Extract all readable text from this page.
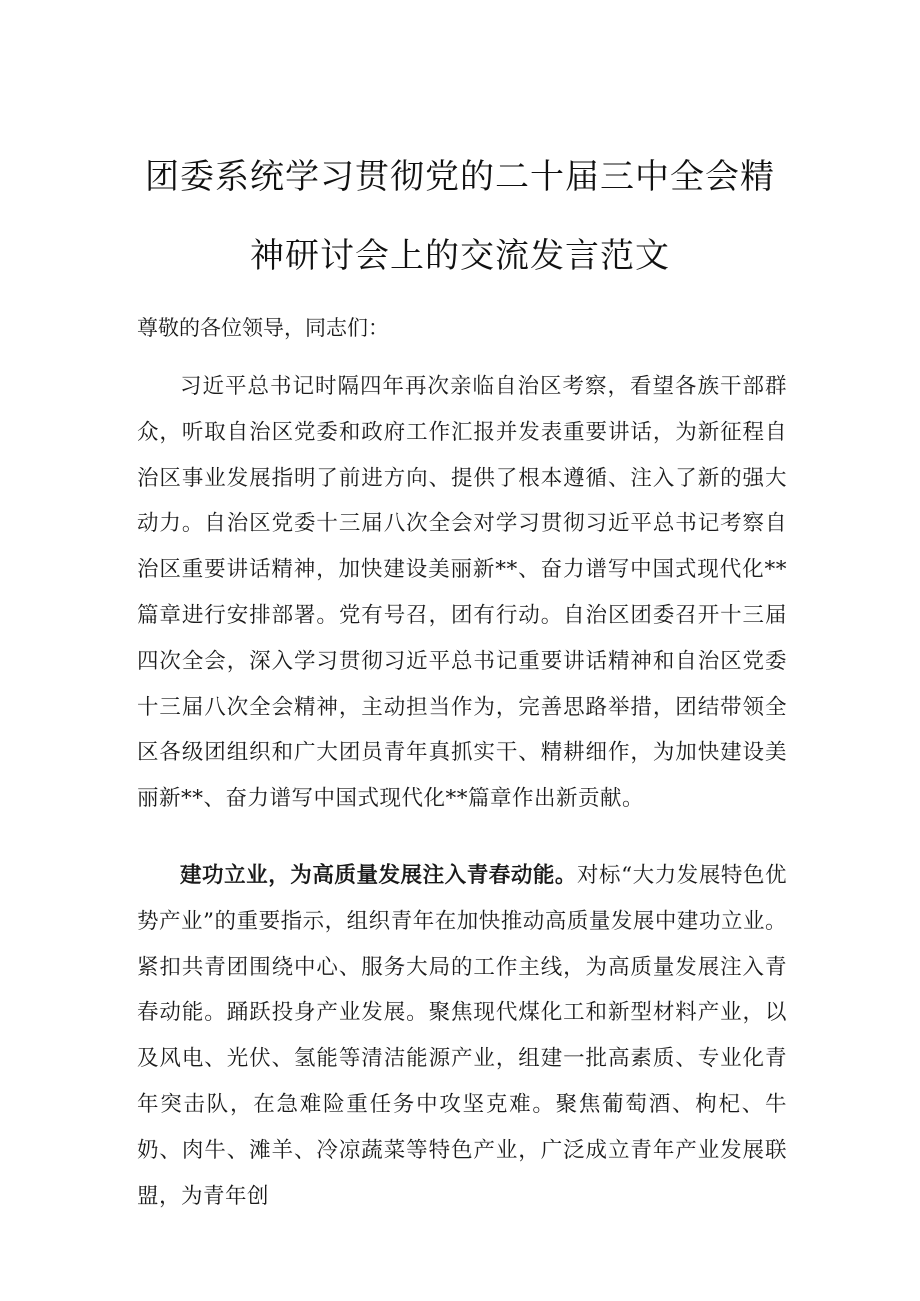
团委系统学习贯彻党的二十届三中全会精
神研讨会上的交流发言范文
尊敬的各位领导，同志们：
习近平总书记时隔四年再次亲临自治区考察，看望各族干部群众，听取自治区党委和政府工作汇报并发表重要讲话，为新征程自治区事业发展指明了前进方向、提供了根本遵循、注入了新的强大动力。自治区党委十三届八次全会对学习贯彻习近平总书记考察自治区重要讲话精神，加快建设美丽新**、奋力谱写中国式现代化**篇章进行安排部署。党有号召，团有行动。自治区团委召开十三届四次全会，深入学习贯彻习近平总书记重要讲话精神和自治区党委十三届八次全会精神，主动担当作为，完善思路举措，团结带领全区各级团组织和广大团员青年真抓实干、精耕细作，为加快建设美丽新**、奋力谱写中国式现代化**篇章作出新贡献。
建功立业，为高质量发展注入青春动能。对标“大力发展特色优势产业”的重要指示，组织青年在加快推动高质量发展中建功立业。紧扣共青团围绕中心、服务大局的工作主线，为高质量发展注入青春动能。踊跃投身产业发展。聚焦现代煤化工和新型材料产业，以及风电、光伏、氢能等清洁能源产业，组建一批高素质、专业化青年突击队，在急难险重任务中攻坚克难。聚焦葡萄酒、枸杞、牛奶、肉牛、滩羊、冷凉蔬菜等特色产业，广泛成立青年产业发展联盟，为青年创
